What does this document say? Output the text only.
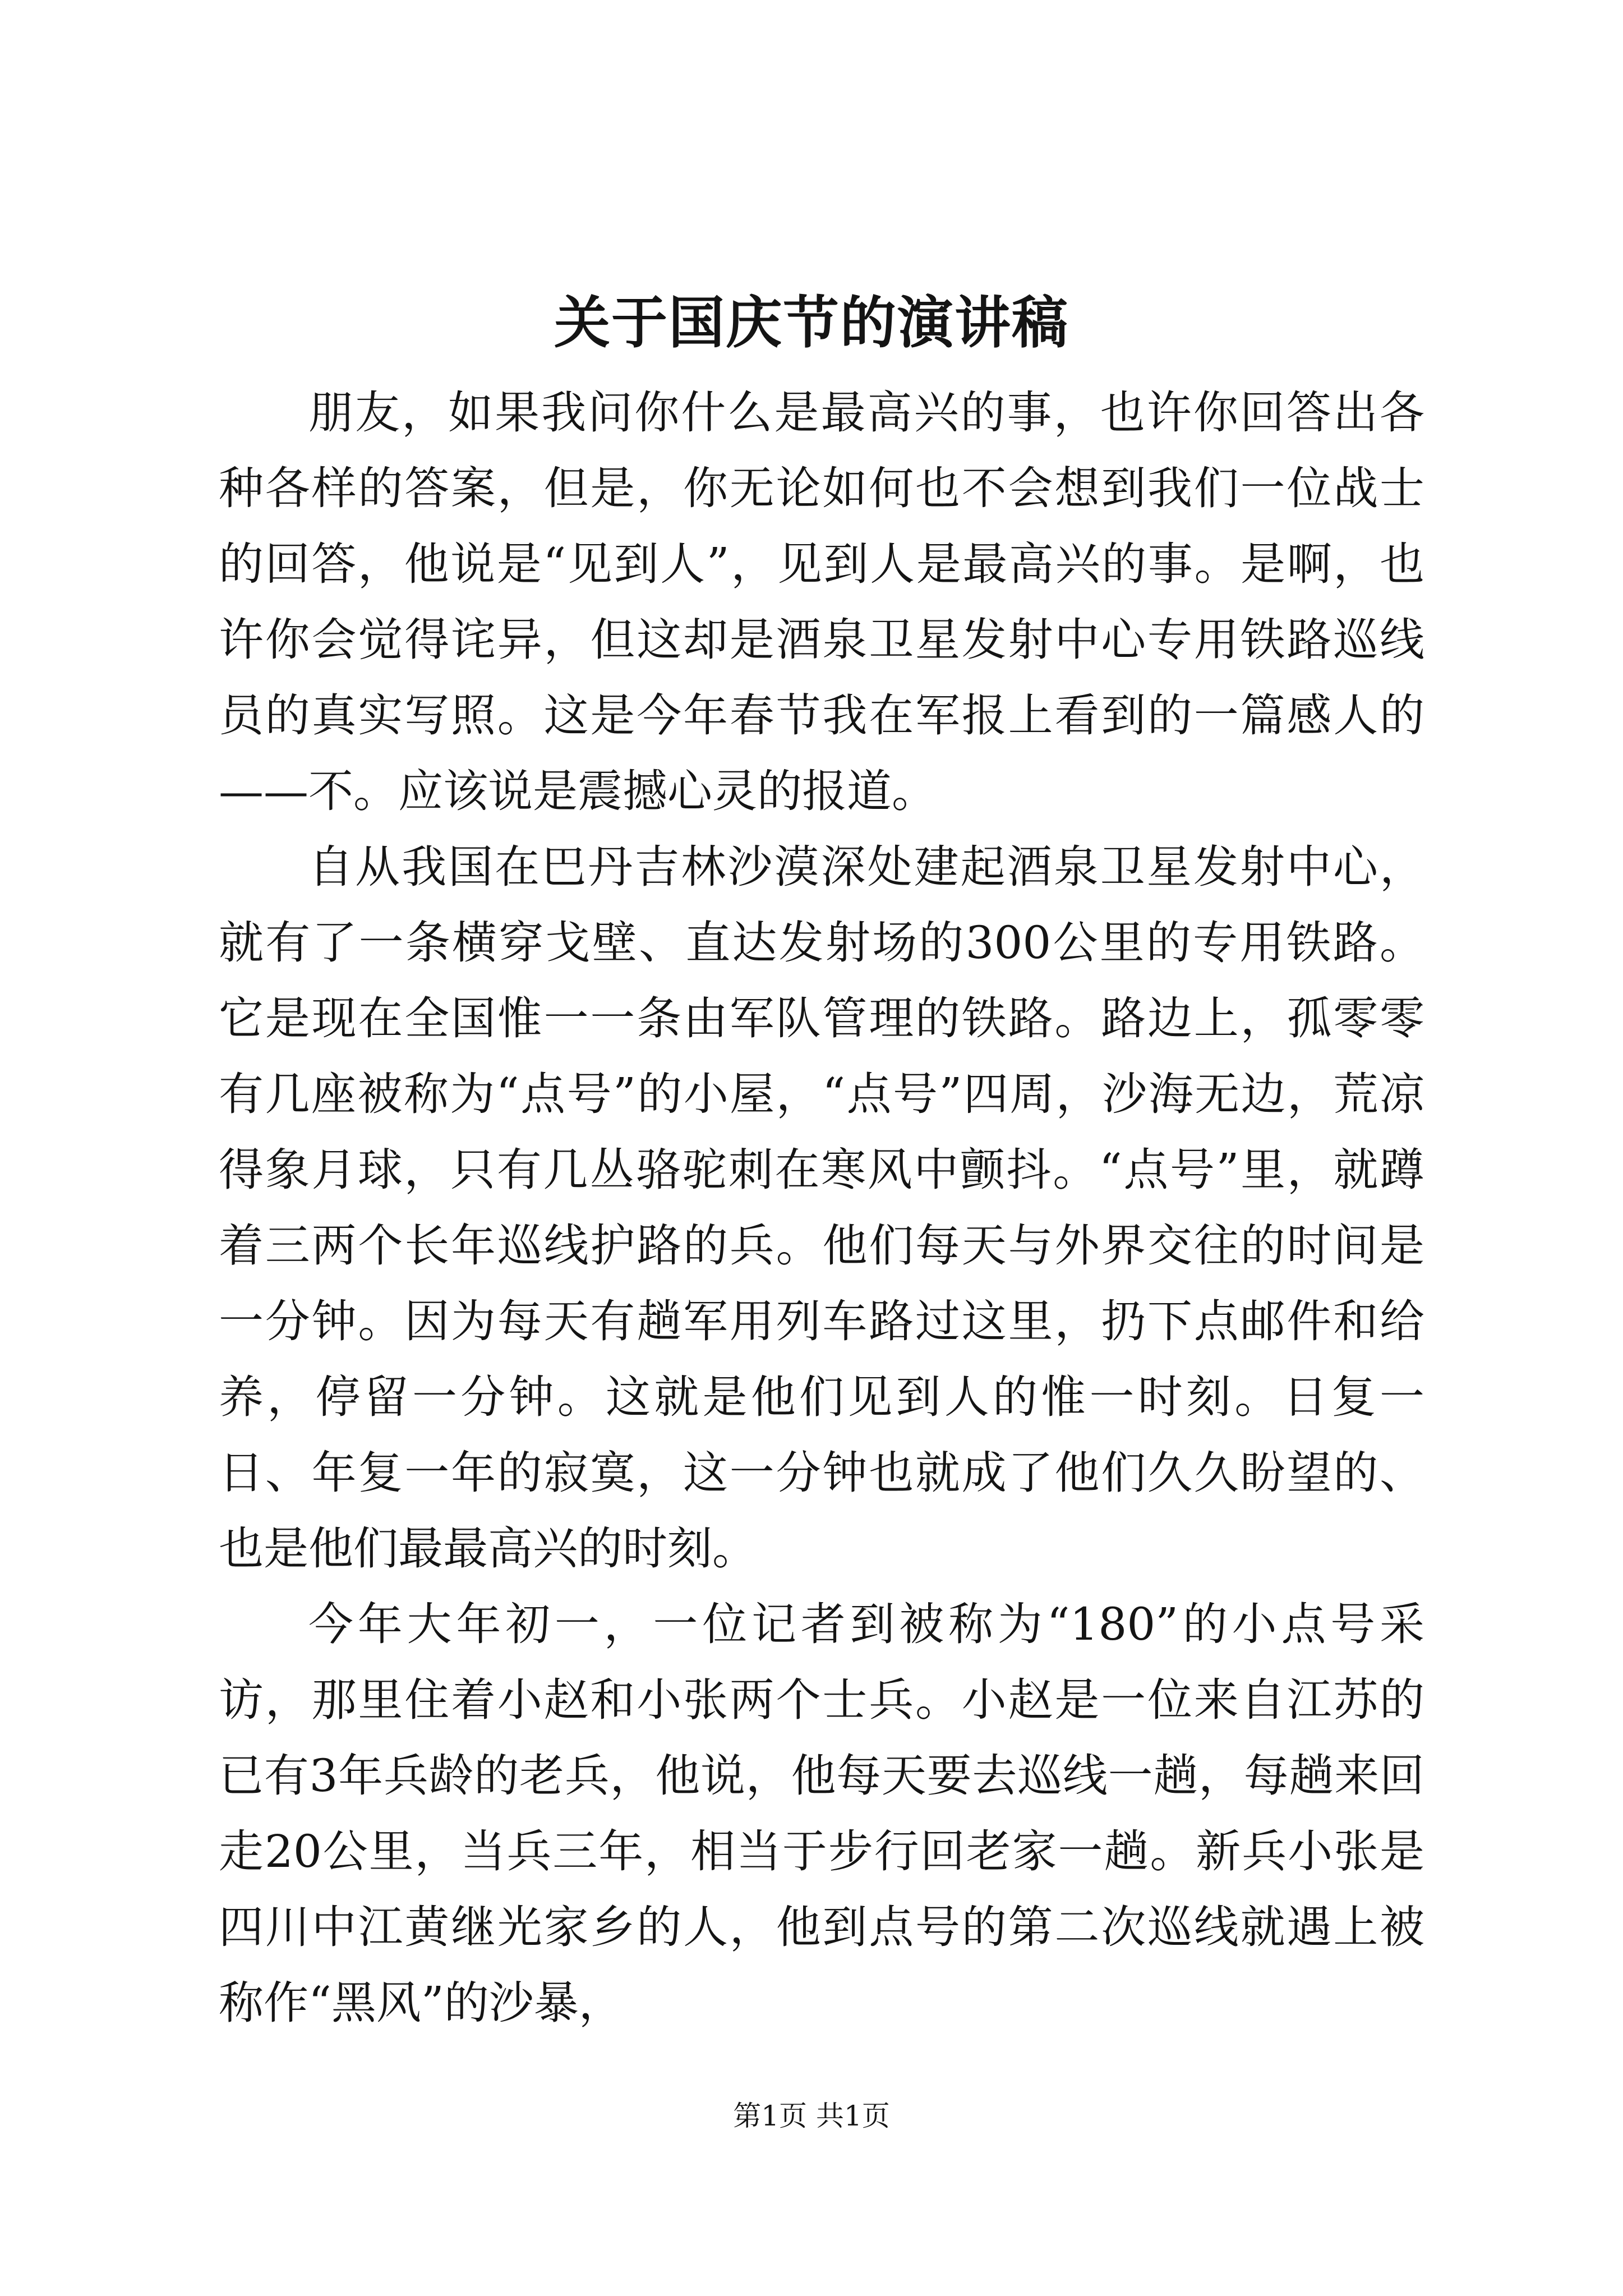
关于国庆节的演讲稿

朋友，如果我问你什么是最高兴的事，也许你回答出各种各样的答案，但是，你无论如何也不会想到我们一位战士的回答，他说是“见到人”，见到人是最高兴的事。是啊，也许你会觉得诧异，但这却是酒泉卫星发射中心专用铁路巡线员的真实写照。这是今年春节我在军报上看到的一篇感人的——不。应该说是震撼心灵的报道。

自从我国在巴丹吉林沙漠深处建起酒泉卫星发射中心，就有了一条横穿戈壁、直达发射场的300公里的专用铁路。它是现在全国惟一一条由军队管理的铁路。路边上，孤零零有几座被称为“点号”的小屋，“点号”四周，沙海无边，荒凉得象月球，只有几丛骆驼刺在寒风中颤抖。“点号”里，就蹲着三两个长年巡线护路的兵。他们每天与外界交往的时间是一分钟。因为每天有趟军用列车路过这里，扔下点邮件和给养，停留一分钟。这就是他们见到人的惟一时刻。日复一日、年复一年的寂寞，这一分钟也就成了他们久久盼望的、也是他们最最高兴的时刻。

今年大年初一，一位记者到被称为“180”的小点号采访，那里住着小赵和小张两个士兵。小赵是一位来自江苏的已有3年兵龄的老兵，他说，他每天要去巡线一趟，每趟来回走20公里，当兵三年，相当于步行回老家一趟。新兵小张是四川中江黄继光家乡的人，他到点号的第二次巡线就遇上被称作“黑风”的沙暴，

第1页 共1页
